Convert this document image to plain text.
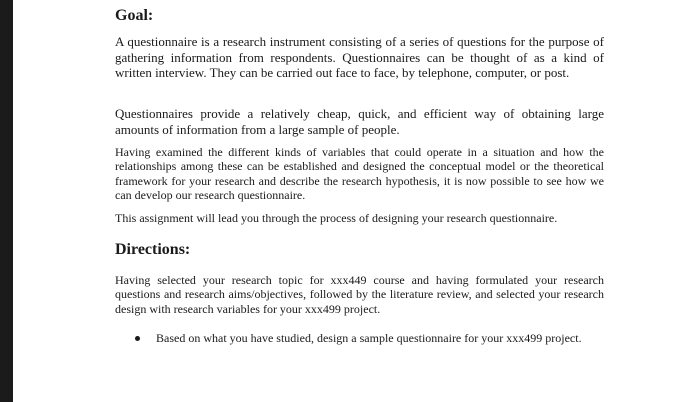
Goal:

A questionnaire is a research instrument consisting of a series of questions for the purpose of gathering information from respondents. Questionnaires can be thought of as a kind of written interview. They can be carried out face to face, by telephone, computer, or post.

Questionnaires provide a relatively cheap, quick, and efficient way of obtaining large amounts of information from a large sample of people.

Having examined the different kinds of variables that could operate in a situation and how the relationships among these can be established and designed the conceptual model or the theoretical framework for your research and describe the research hypothesis, it is now possible to see how we can develop our research questionnaire.

This assignment will lead you through the process of designing your research questionnaire.

Directions:

Having selected your research topic for xxx449 course and having formulated your research questions and research aims/objectives, followed by the literature review, and selected your research design with research variables for your xxx499 project.

Based on what you have studied, design a sample questionnaire for your xxx499 project.
